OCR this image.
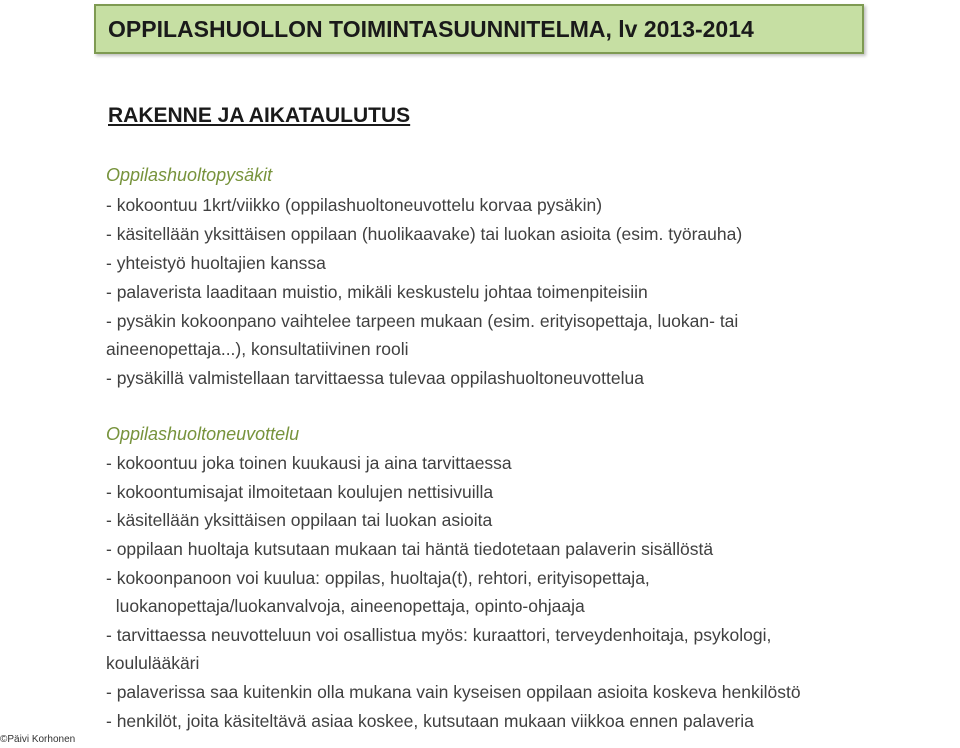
OPPILASHUOLLON TOIMINTASUUNNITELMA, lv 2013-2014
RAKENNE JA AIKATAULUTUS
Oppilashuoltopysäkit
- kokoontuu 1krt/viikko (oppilashuoltoneuvottelu korvaa pysäkin)
- käsitellään yksittäisen oppilaan (huolikaavake) tai luokan asioita (esim. työrauha)
- yhteistyö huoltajien kanssa
- palaverista laaditaan muistio, mikäli keskustelu johtaa toimenpiteisiin
- pysäkin kokoonpano vaihtelee tarpeen mukaan (esim. erityisopettaja, luokan- tai
aineenopettaja...), konsultatiivinen rooli
- pysäkillä valmistellaan tarvittaessa tulevaa oppilashuoltoneuvottelua
Oppilashuoltoneuvottelu
- kokoontuu joka toinen kuukausi ja aina tarvittaessa
- kokoontumisajat ilmoitetaan koulujen nettisivuilla
- käsitellään yksittäisen oppilaan tai luokan asioita
- oppilaan huoltaja kutsutaan mukaan tai häntä tiedotetaan palaverin sisällöstä
- kokoonpanoon voi kuulua: oppilas, huoltaja(t), rehtori, erityisopettaja,
luokanopettaja/luokanvalvoja, aineenopettaja, opinto-ohjaaja
- tarvittaessa neuvotteluun voi osallistua myös: kuraattori, terveydenhoitaja, psykologi,
koululääkäri
- palaverissa saa kuitenkin olla mukana vain kyseisen oppilaan asioita koskeva henkilöstö
- henkilöt, joita käsiteltävä asiaa koskee, kutsutaan mukaan viikkoa ennen palaveria
©Päivi Korhonen
